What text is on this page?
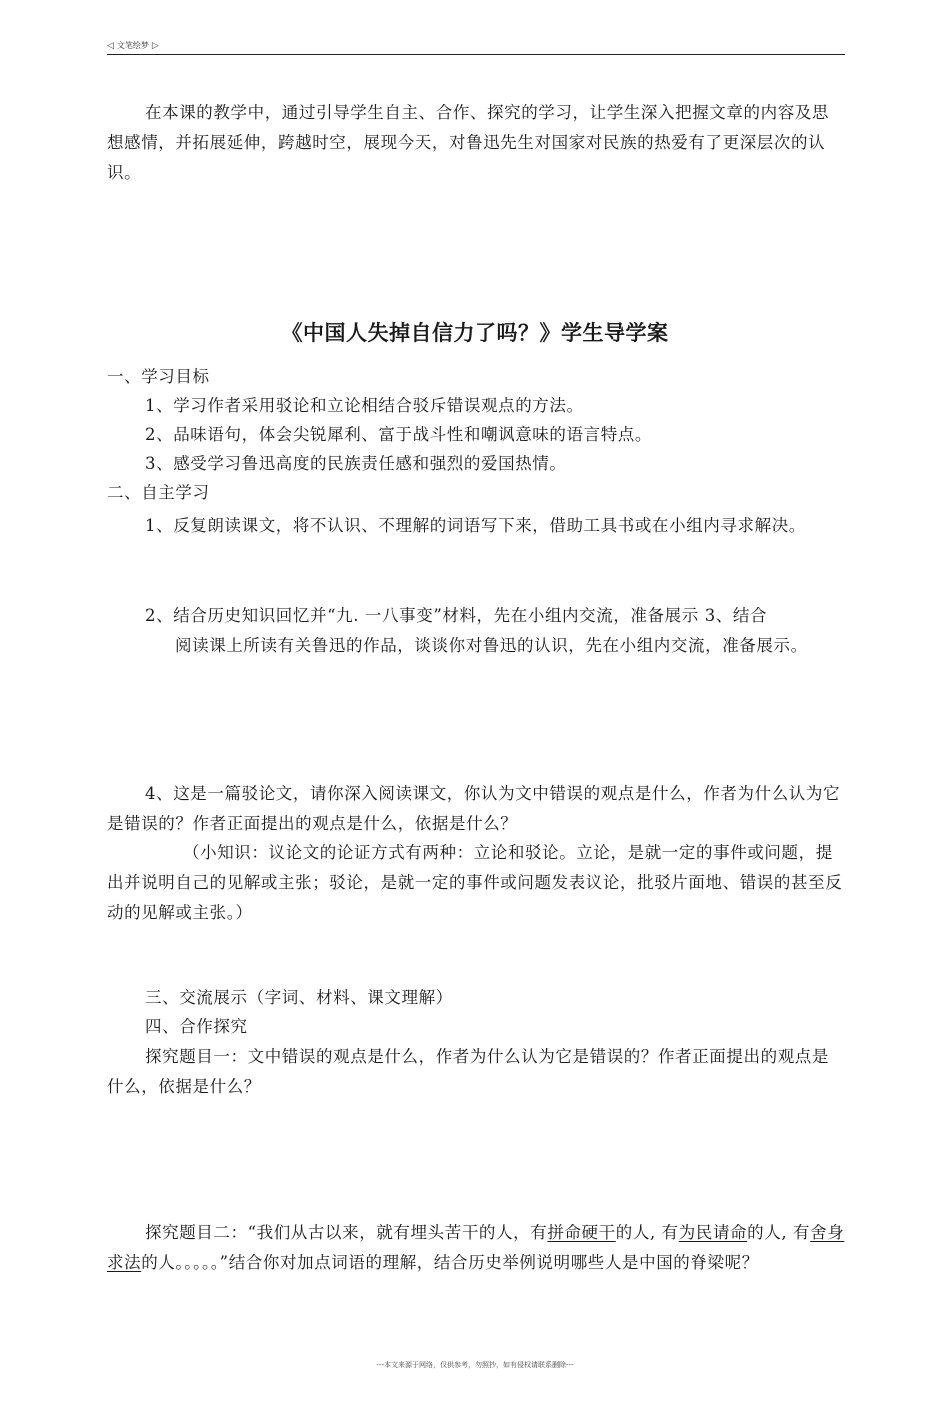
◁ 文笔绘梦 ▷

在本课的教学中，通过引导学生自主、合作、探究的学习，让学生深入把握文章的内容及思想感情，并拓展延伸，跨越时空，展现今天，对鲁迅先生对国家对民族的热爱有了更深层次的认识。

《中国人失掉自信力了吗？》学生导学案

一、学习目标

1、学习作者采用驳论和立论相结合驳斥错误观点的方法。

2、品味语句，体会尖锐犀利、富于战斗性和嘲讽意味的语言特点。

3、感受学习鲁迅高度的民族责任感和强烈的爱国热情。

二、自主学习

1、反复朗读课文，将不认识、不理解的词语写下来，借助工具书或在小组内寻求解决。

2、结合历史知识回忆并“九. 一八事变”材料，先在小组内交流，准备展示 3、结合
阅读课上所读有关鲁迅的作品，谈谈你对鲁迅的认识，先在小组内交流，准备展示。

4、这是一篇驳论文，请你深入阅读课文，你认为文中错误的观点是什么，作者为什么认为它是错误的？作者正面提出的观点是什么，依据是什么？

（小知识：议论文的论证方式有两种：立论和驳论。立论，是就一定的事件或问题，提出并说明自己的见解或主张；驳论，是就一定的事件或问题发表议论，批驳片面地、错误的甚至反动的见解或主张。）

三、交流展示（字词、材料、课文理解）

四、合作探究

探究题目一：文中错误的观点是什么，作者为什么认为它是错误的？作者正面提出的观点是什么，依据是什么？

探究题目二：“我们从古以来，就有埋头苦干的人，有拼命硬干的人, 有为民请命的人, 有舍身求法的人。。。。。”结合你对加点词语的理解，结合历史举例说明哪些人是中国的脊梁呢？

---本文来源于网络，仅供参考，勿照抄，如有侵权请联系删除---
